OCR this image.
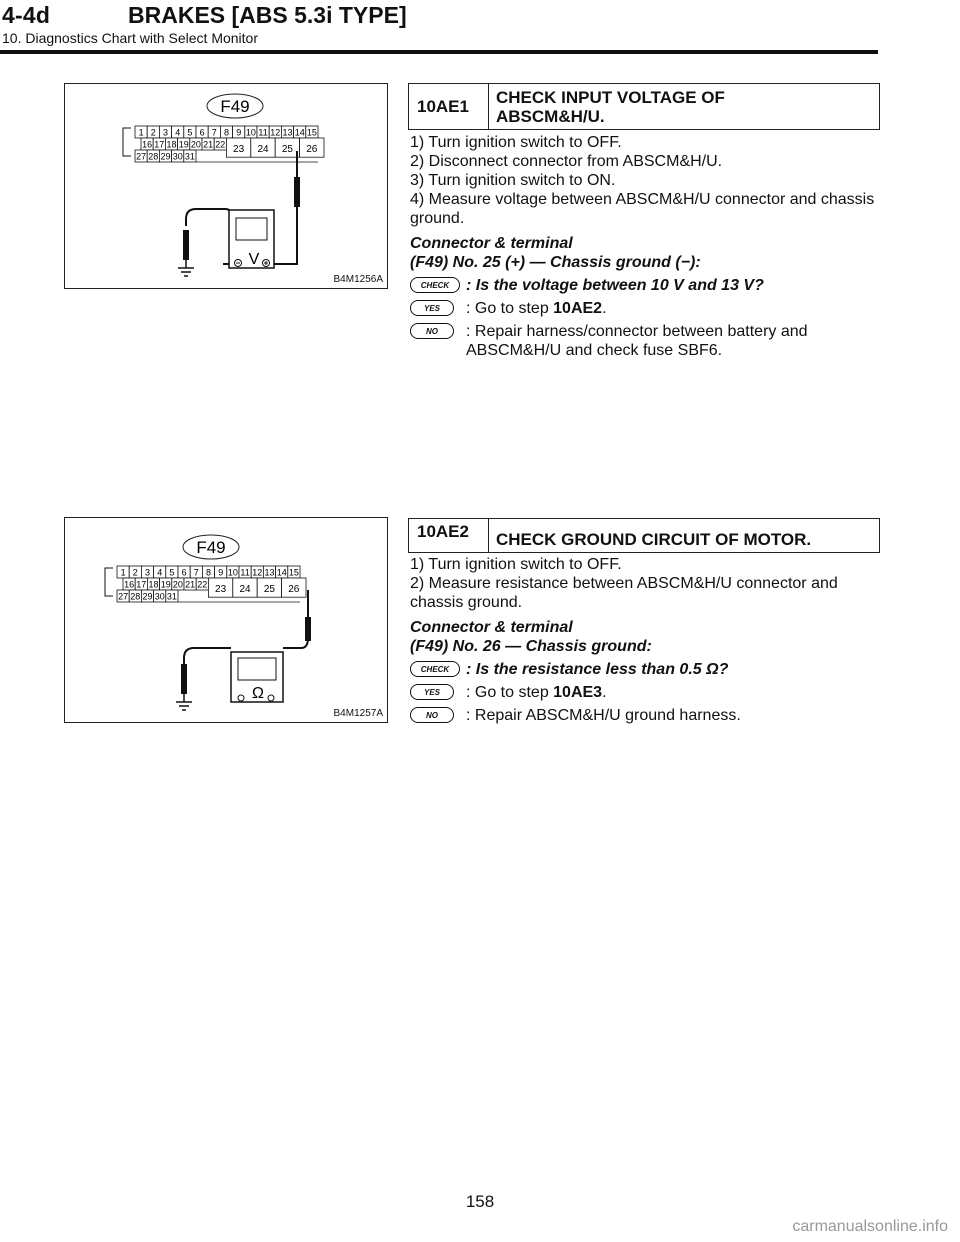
4-4d	BRAKES [ABS 5.3i TYPE]
10. Diagnostics Chart with Select Monitor
F49
1 2 3 4 5 6 7 8 9 10 11 12 13 14 15
16 17 18 19 20 21 22
27 28 29 30 31
23 24 25 26
V
B4M1256A
10AE1 CHECK INPUT VOLTAGE OF
ABSCM&H/U.

1) Turn ignition switch to OFF.

2) Disconnect connector from ABSCM&H/U.

3) Turn ignition switch to ON.

4) Measure voltage between ABSCM&H/U connector and chassis ground.

Connector & terminal

(F49) No. 25 (+) — Chassis ground (−):

CHECK	: Is the voltage between 10 V and 13 V?
YES	: Go to step 10AE2.
NO	: Repair harness/connector between battery and ABSCM&H/U and check fuse SBF6.
F49
1 2 3 4 5 6 7 8 9 10 11 12 13 14 15
16 17 18 19 20 21 22
27 28 29 30 31
23 24 25 26
Ω
B4M1257A
10AE2 CHECK GROUND CIRCUIT OF MOTOR.

1) Turn ignition switch to OFF.

2) Measure resistance between ABSCM&H/U connector and chassis ground.

Connector & terminal

(F49) No. 26 — Chassis ground:

CHECK	: Is the resistance less than 0.5 Ω?
YES	: Go to step 10AE3.
NO	: Repair ABSCM&H/U ground harness.
158
carmanualsonline.info
